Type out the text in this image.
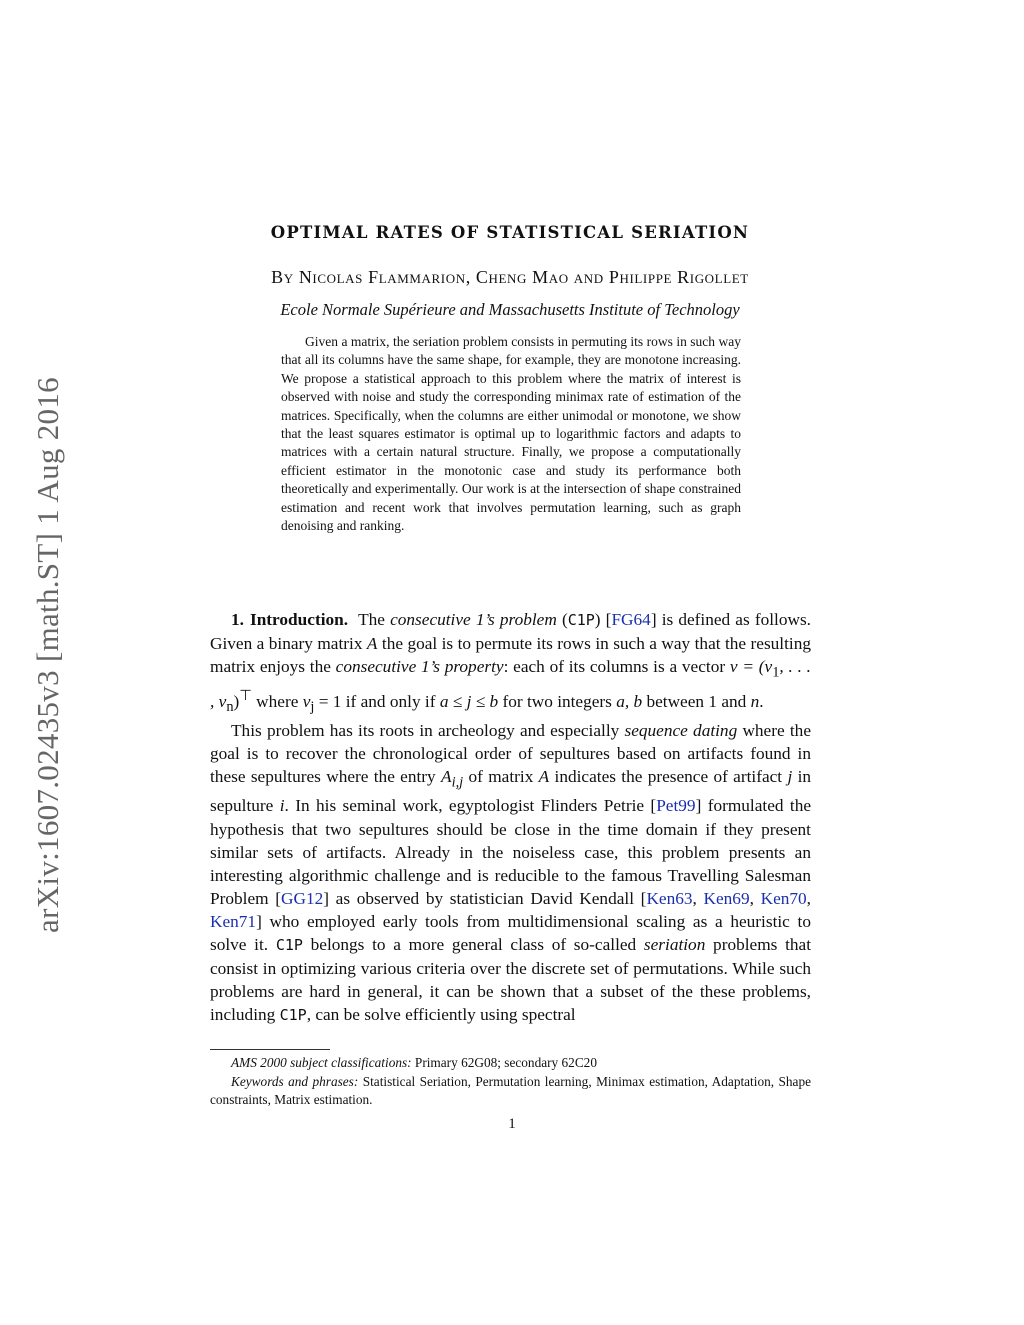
arXiv:1607.02435v3 [math.ST] 1 Aug 2016
OPTIMAL RATES OF STATISTICAL SERIATION
By Nicolas Flammarion, Cheng Mao and Philippe Rigollet
Ecole Normale Supérieure and Massachusetts Institute of Technology
Given a matrix, the seriation problem consists in permuting its rows in such way that all its columns have the same shape, for example, they are monotone increasing. We propose a statistical approach to this problem where the matrix of interest is observed with noise and study the corresponding minimax rate of estimation of the matrices. Specifically, when the columns are either unimodal or monotone, we show that the least squares estimator is optimal up to logarithmic factors and adapts to matrices with a certain natural structure. Finally, we propose a computationally efficient estimator in the monotonic case and study its performance both theoretically and experimentally. Our work is at the intersection of shape constrained estimation and recent work that involves permutation learning, such as graph denoising and ranking.

1. Introduction. The consecutive 1’s problem (C1P) [FG64] is defined as follows. Given a binary matrix A the goal is to permute its rows in such a way that the resulting matrix enjoys the consecutive 1’s property: each of its columns is a vector $v = (v_1$, . . . , $v_n)^⊤$ where $v_j = 1$ if and only if a ≤ j ≤ b for two integers a, b between 1 and n.

This problem has its roots in archeology and especially sequence dating where the goal is to recover the chronological order of sepultures based on artifacts found in these sepultures where the entry $A_{i,j}$ of matrix A indicates the presence of artifact j in sepulture i. In his seminal work, egyptologist Flinders Petrie [Pet99] formulated the hypothesis that two sepultures should be close in the time domain if they present similar sets of artifacts. Already in the noiseless case, this problem presents an interesting algorithmic challenge and is reducible to the famous Travelling Salesman Problem [GG12] as observed by statistician David Kendall [Ken63, Ken69, Ken70, Ken71] who employed early tools from multidimensional scaling as a heuristic to solve it. C1P belongs to a more general class of so-called seriation problems that consist in optimizing various criteria over the discrete set of permutations. While such problems are hard in general, it can be shown that a subset of the these problems, including C1P, can be solve efficiently using spectral

AMS 2000 subject classifications: Primary 62G08; secondary 62C20

Keywords and phrases: Statistical Seriation, Permutation learning, Minimax estimation, Adaptation, Shape constraints, Matrix estimation.

1
